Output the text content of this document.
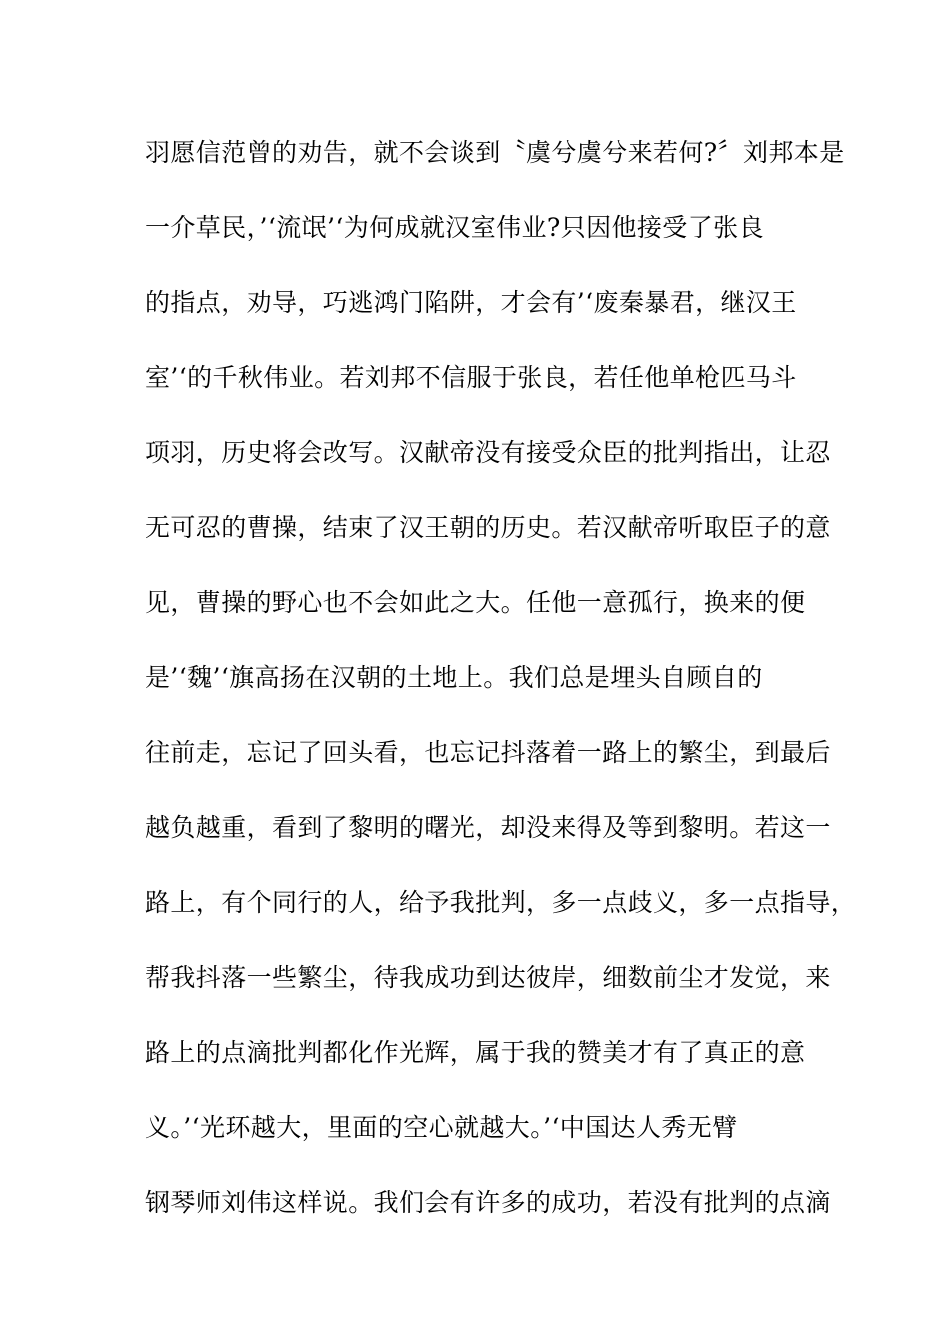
羽愿信范曾的劝告，就不会谈到〝虞兮虞兮来若何?〞刘邦本是
一介草民，’‘流氓’‘为何成就汉室伟业?只因他接受了张良
的指点，劝导，巧逃鸿门陷阱，才会有’‘废秦暴君，继汉王
室’‘的千秋伟业。若刘邦不信服于张良，若任他单枪匹马斗
项羽，历史将会改写。汉献帝没有接受众臣的批判指出，让忍
无可忍的曹操，结束了汉王朝的历史。若汉献帝听取臣子的意
见，曹操的野心也不会如此之大。任他一意孤行，换来的便
是’‘魏’‘旗高扬在汉朝的土地上。我们总是埋头自顾自的
往前走，忘记了回头看，也忘记抖落着一路上的繁尘，到最后
越负越重，看到了黎明的曙光，却没来得及等到黎明。若这一
路上，有个同行的人，给予我批判，多一点歧义，多一点指导，
帮我抖落一些繁尘，待我成功到达彼岸，细数前尘才发觉，来
路上的点滴批判都化作光辉，属于我的赞美才有了真正的意
义。’‘光环越大，里面的空心就越大。’‘中国达人秀无臂
钢琴师刘伟这样说。我们会有许多的成功，若没有批判的点滴
